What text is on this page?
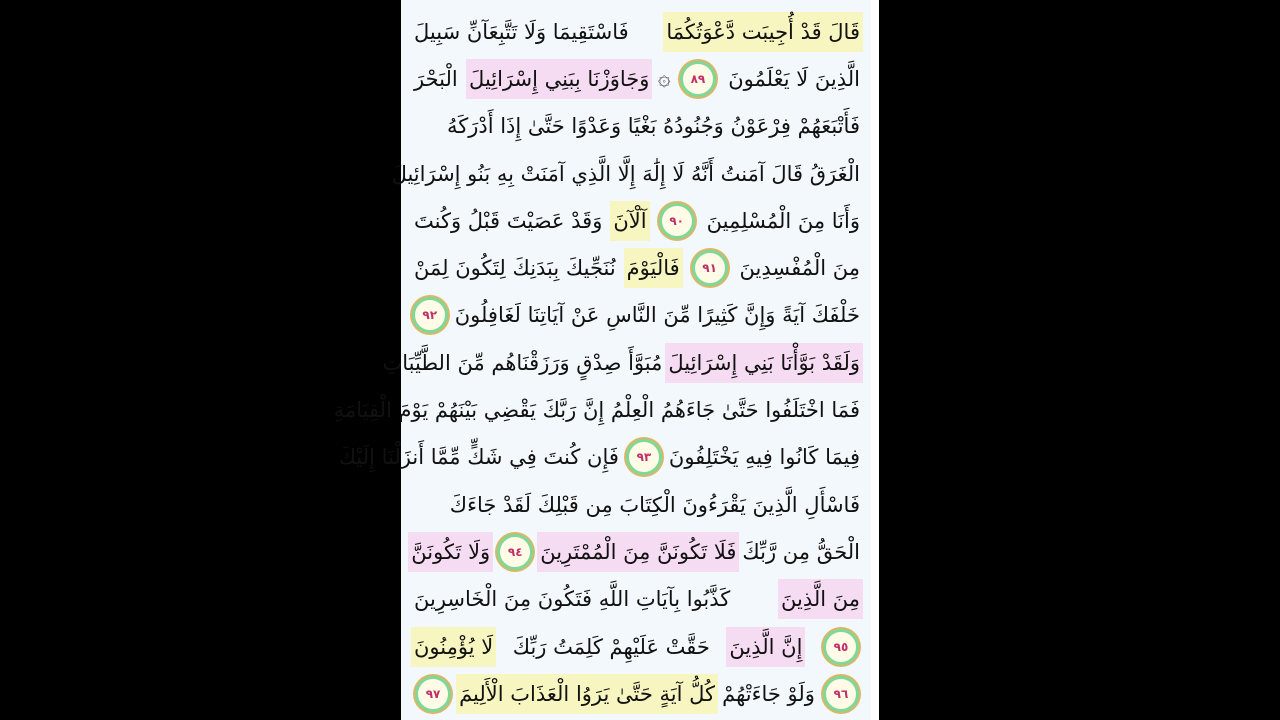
قَالَ قَدْ أُجِيبَت دَّعْوَتُكُمَا
فَاسْتَقِيمَا وَلَا تَتَّبِعَآنِّ سَبِيلَ
الَّذِينَ لَا يَعْلَمُونَ
٨٩
۞
وَجَاوَزْنَا بِبَنِي إِسْرَائِيلَ
الْبَحْرَ
فَأَتْبَعَهُمْ فِرْعَوْنُ وَجُنُودُهُ بَغْيًا وَعَدْوًا حَتَّىٰ إِذَا أَدْرَكَهُ
الْغَرَقُ قَالَ آمَنتُ أَنَّهُ لَا إِلَٰهَ إِلَّا الَّذِي آمَنَتْ بِهِ بَنُو إِسْرَائِيلَ
وَأَنَا مِنَ الْمُسْلِمِينَ
٩٠
آلْآنَ
وَقَدْ عَصَيْتَ قَبْلُ وَكُنتَ
مِنَ الْمُفْسِدِينَ
٩١
فَالْيَوْمَ
نُنَجِّيكَ بِبَدَنِكَ لِتَكُونَ لِمَنْ
خَلْفَكَ آيَةً وَإِنَّ كَثِيرًا مِّنَ النَّاسِ عَنْ آيَاتِنَا لَغَافِلُونَ
٩٢
وَلَقَدْ بَوَّأْنَا بَنِي إِسْرَائِيلَ
مُبَوَّأَ صِدْقٍ وَرَزَقْنَاهُم مِّنَ الطَّيِّبَاتِ
فَمَا اخْتَلَفُوا حَتَّىٰ جَاءَهُمُ الْعِلْمُ إِنَّ رَبَّكَ يَقْضِي بَيْنَهُمْ يَوْمَ الْقِيَامَةِ
فِيمَا كَانُوا فِيهِ يَخْتَلِفُونَ
٩٣
فَإِن كُنتَ فِي شَكٍّ مِّمَّا أَنزَلْنَا إِلَيْكَ
فَاسْأَلِ الَّذِينَ يَقْرَءُونَ الْكِتَابَ مِن قَبْلِكَ لَقَدْ جَاءَكَ
الْحَقُّ مِن رَّبِّكَ
فَلَا تَكُونَنَّ مِنَ الْمُمْتَرِينَ
٩٤
وَلَا تَكُونَنَّ
مِنَ الَّذِينَ
كَذَّبُوا بِآيَاتِ اللَّهِ فَتَكُونَ مِنَ الْخَاسِرِينَ
٩٥
إِنَّ الَّذِينَ
حَقَّتْ عَلَيْهِمْ كَلِمَتُ رَبِّكَ
لَا يُؤْمِنُونَ
٩٦
وَلَوْ جَاءَتْهُمْ
كُلُّ آيَةٍ حَتَّىٰ يَرَوُا الْعَذَابَ الْأَلِيمَ
٩٧
